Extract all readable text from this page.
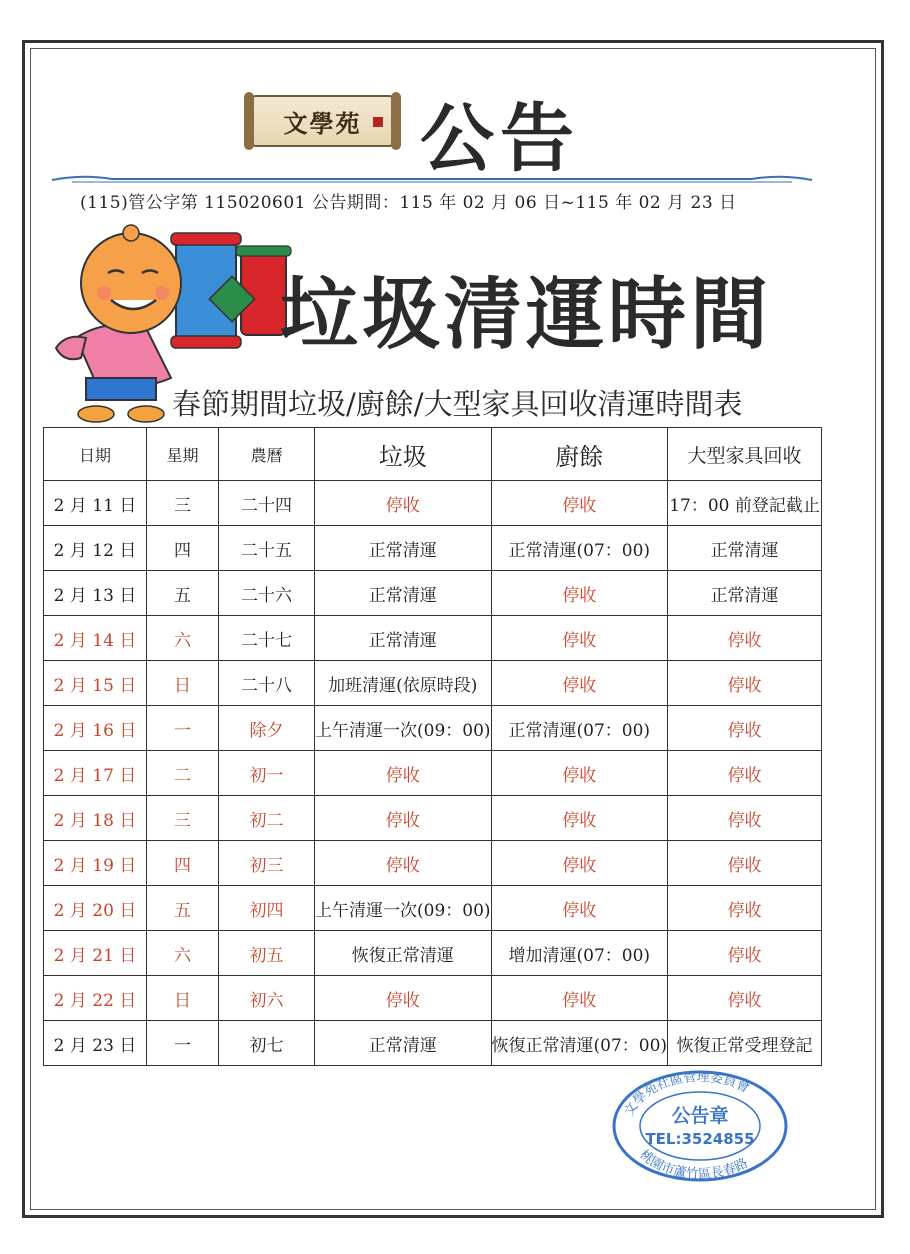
文學苑 公告
(115)管公字第 115020601 公告期間：115 年 02 月 06 日~115 年 02 月 23 日
垃圾清運時間
春節期間垃圾/廚餘/大型家具回收清運時間表
日期	星期	農曆	垃圾	廚餘	大型家具回收
2 月 11 日	三	二十四	停收	停收	17：00 前登記截止
2 月 12 日	四	二十五	正常清運	正常清運(07：00)	正常清運
2 月 13 日	五	二十六	正常清運	停收	正常清運
2 月 14 日	六	二十七	正常清運	停收	停收
2 月 15 日	日	二十八	加班清運(依原時段)	停收	停收
2 月 16 日	一	除夕	上午清運一次(09：00)	正常清運(07：00)	停收
2 月 17 日	二	初一	停收	停收	停收
2 月 18 日	三	初二	停收	停收	停收
2 月 19 日	四	初三	停收	停收	停收
2 月 20 日	五	初四	上午清運一次(09：00)	停收	停收
2 月 21 日	六	初五	恢復正常清運	增加清運(07：00)	停收
2 月 22 日	日	初六	停收	停收	停收
2 月 23 日	一	初七	正常清運	恢復正常清運(07：00)	恢復正常受理登記
文學苑社區管理委員會
桃園市蘆竹區長春路
公告章
TEL:3524855
